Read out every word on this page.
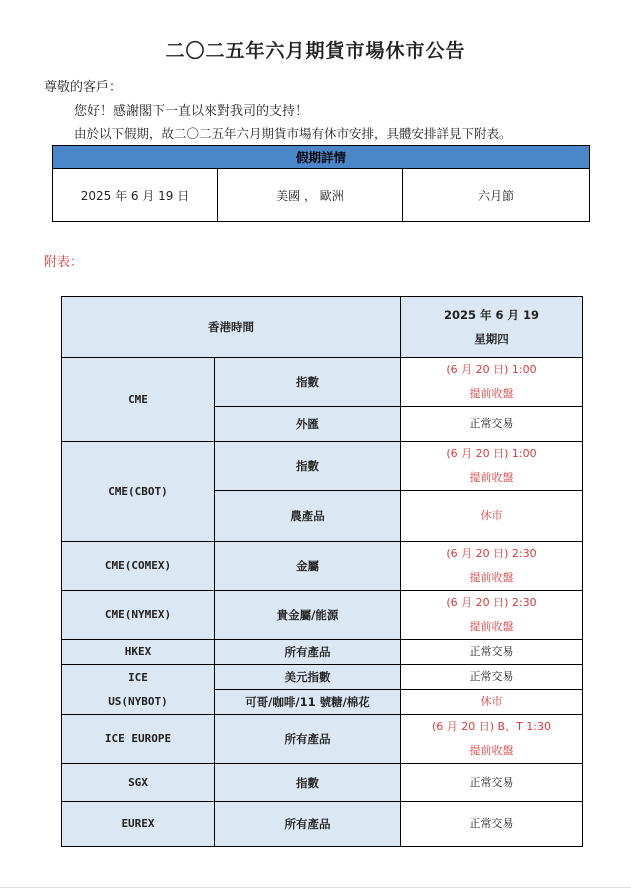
二〇二五年六月期貨市場休市公告
尊敬的客戶：
您好！感謝閣下一直以來對我司的支持！
由於以下假期，故二〇二五年六月期貨市場有休市安排，具體安排詳見下附表。
假期詳情
2025 年 6 月 19 日	美國 ， 歐洲	六月節
附表：
香港時間		2025 年 6 月 19
星期四

CME	指數	(6 月 20 日) 1:00
提前收盤

	外匯	正常交易
CME(CBOT)	指數	(6 月 20 日) 1:00
提前收盤

	農產品	休市
CME(COMEX)	金屬	(6 月 20 日) 2:30
提前收盤

CME(NYMEX)	貴金屬/能源	(6 月 20 日) 2:30
提前收盤

HKEX	所有產品	正常交易

ICE
US(NYBOT)	美元指數	正常交易
	可哥/咖啡/11 號糖/棉花	休市
ICE EUROPE	所有產品	(6 月 20 日) B、T 1:30
提前收盤

SGX	指數	正常交易
EUREX	所有產品	正常交易
